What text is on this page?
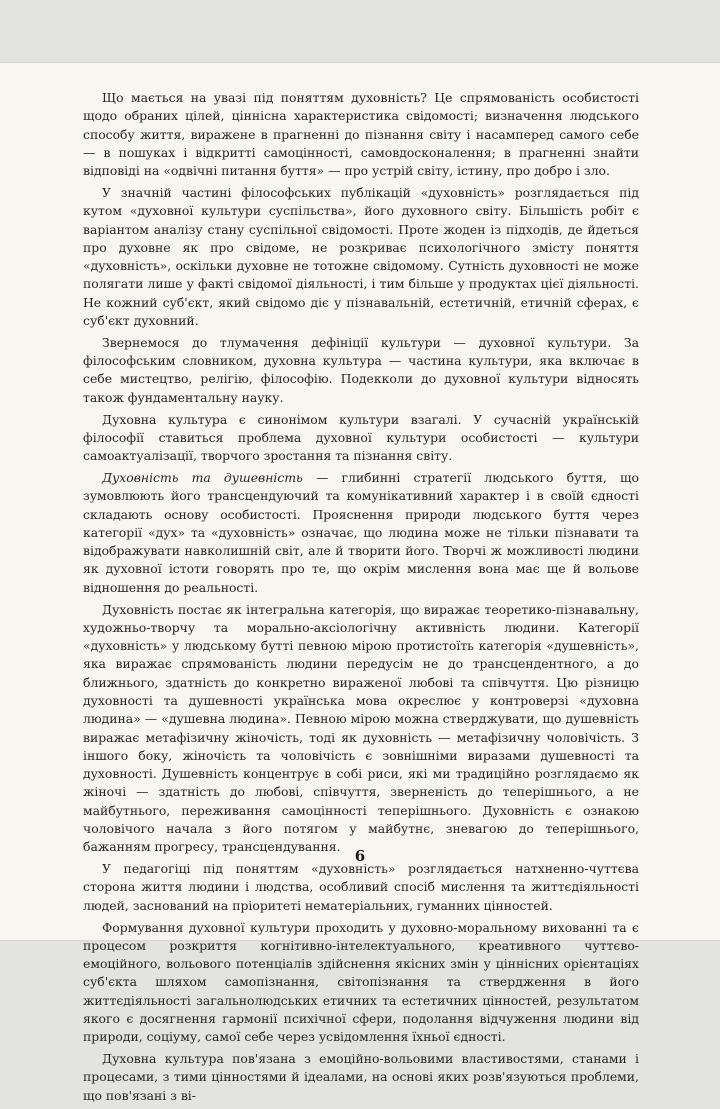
Що мається на увазі під поняттям духовність? Це спрямованість особистості щодо обраних цілей, ціннісна характеристика свідомості; визначення людського способу життя, виражене в прагненні до пізнання світу і насамперед самого себе — в пошуках і відкритті самоцінності, самовдосконалення; в прагненні знайти відповіді на «одвічні питання буття» — про устрій світу, істину, про добро і зло.

У значній частині філософських публікацій «духовність» розглядається під кутом «духовної культури суспільства», його духовного світу. Більшість робіт є варіантом аналізу стану суспільної свідомості. Проте жоден із підходів, де йдеться про духовне як про свідоме, не розкриває психологічного змісту поняття «духовність», оскільки духовне не тотожне свідомому. Сутність духовності не може полягати лише у факті свідомої діяльності, і тим більше у продуктах цієї діяльності. Не кожний суб'єкт, який свідомо діє у пізнавальній, естетичній, етичній сферах, є суб'єкт духовний.

Звернемося до тлумачення дефініції культури — духовної культури. За філософським словником, духовна культура — частина культури, яка включає в себе мистецтво, релігію, філософію. Подекколи до духовної культури відносять також фундаментальну науку.

Духовна культура є синонімом культури взагалі. У сучасній українській філософії ставиться проблема духовної культури особистості — культури самоактуалізації, творчого зростання та пізнання світу.

Духовність та душевність — глибинні стратегії людського буття, що зумовлюють його трансцендуючий та комунікативний характер і в своїй єдності складають основу особистості. Прояснення природи людського буття через категорії «дух» та «духовність» означає, що людина може не тільки пізнавати та відображувати навколишній світ, але й творити його. Творчі ж можливості людини як духовної істоти говорять про те, що окрім мислення вона має ще й вольове відношення до реальності.

Духовність постає як інтегральна категорія, що виражає теоретико-пізнавальну, художньо-творчу та морально-аксіологічну активність людини. Категорії «духовність» у людському бутті певною мірою протистоїть категорія «душевність», яка виражає спрямованість людини передусім не до трансцендентного, а до ближнього, здатність до конкретно вираженої любові та співчуття. Цю різницю духовності та душевності українська мова окреслює у контроверзі «духовна людина» — «душевна людина». Певною мірою можна стверджувати, що душевність виражає метафізичну жіночість, тоді як духовність — метафізичну чоловічість. З іншого боку, жіночість та чоловічість є зовнішніми виразами душевності та духовності. Душевність концентрує в собі риси, які ми традиційно розглядаємо як жіночі — здатність до любові, співчуття, зверненість до теперішнього, а не майбутнього, переживання самоцінності теперішнього. Духовність є ознакою чоловічого начала з його потягом у майбутнє, зневагою до теперішнього, бажанням прогресу, трансцендування.

У педагогіці під поняттям «духовність» розглядається натхненно-чуттєва сторона життя людини і людства, особливий спосіб мислення та життєдіяльності людей, заснований на пріоритеті нематеріальних, гуманних цінностей.

Формування духовної культури проходить у духовно-моральному вихованні та є процесом розкриття когнітивно-інтелектуального, креативного чуттєво-емоційного, вольового потенціалів здійснення якісних змін у ціннісних орієнтаціях суб'єкта шляхом самопізнання, світопізнання та ствердження в його життєдіяльності загальнолюдських етичних та естетичних цінностей, результатом якого є досягнення гармонії психічної сфери, подолання відчуження людини від природи, соціуму, самої себе через усвідомлення їхньої єдності.

Духовна культура пов'язана з емоційно-вольовими властивостями, станами і процесами, з тими цінностями й ідеалами, на основі яких розв'язуються проблеми, що пов'язані з ві-

6
